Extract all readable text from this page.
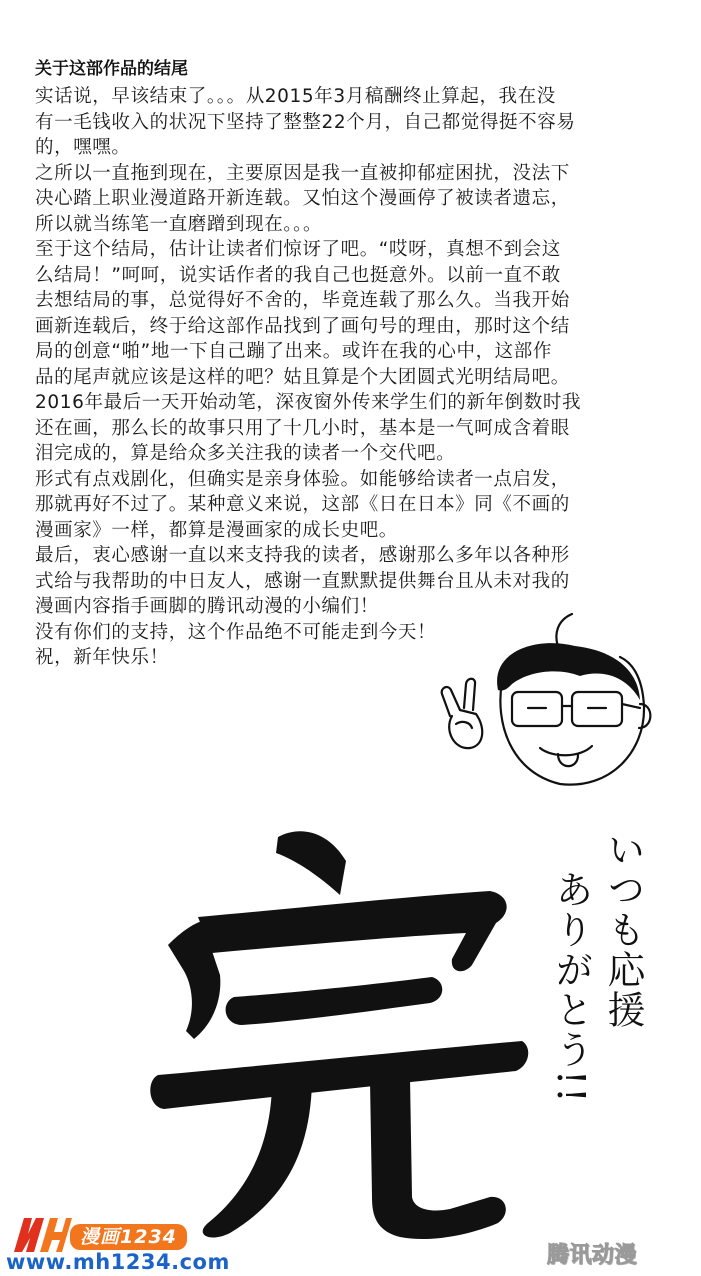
关于这部作品的结尾

实话说，早该结束了。。。从2015年3月稿酬终止算起，我在没

有一毛钱收入的状况下坚持了整整22个月，自己都觉得挺不容易

的，嘿嘿。

之所以一直拖到现在，主要原因是我一直被抑郁症困扰，没法下

决心踏上职业漫道路开新连载。又怕这个漫画停了被读者遗忘，

所以就当练笔一直磨蹭到现在。。。

至于这个结局，估计让读者们惊讶了吧。“哎呀，真想不到会这

么结局！”呵呵，说实话作者的我自己也挺意外。以前一直不敢

去想结局的事，总觉得好不舍的，毕竟连载了那么久。当我开始

画新连载后，终于给这部作品找到了画句号的理由，那时这个结

局的创意“啪”地一下自己蹦了出来。或许在我的心中，这部作

品的尾声就应该是这样的吧？姑且算是个大团圆式光明结局吧。

2016年最后一天开始动笔，深夜窗外传来学生们的新年倒数时我

还在画，那么长的故事只用了十几小时，基本是一气呵成含着眼

泪完成的，算是给众多关注我的读者一个交代吧。

形式有点戏剧化，但确实是亲身体验。如能够给读者一点启发，

那就再好不过了。某种意义来说，这部《日在日本》同《不画的

漫画家》一样，都算是漫画家的成长史吧。

最后，衷心感谢一直以来支持我的读者，感谢那么多年以各种形

式给与我帮助的中日友人，感谢一直默默提供舞台且从未对我的

漫画内容指手画脚的腾讯动漫的小编们！

没有你们的支持，这个作品绝不可能走到今天！

祝，新年快乐！

いつも応援
ありがとう!!
漫画1234
www.mh1234.com	腾讯动漫
